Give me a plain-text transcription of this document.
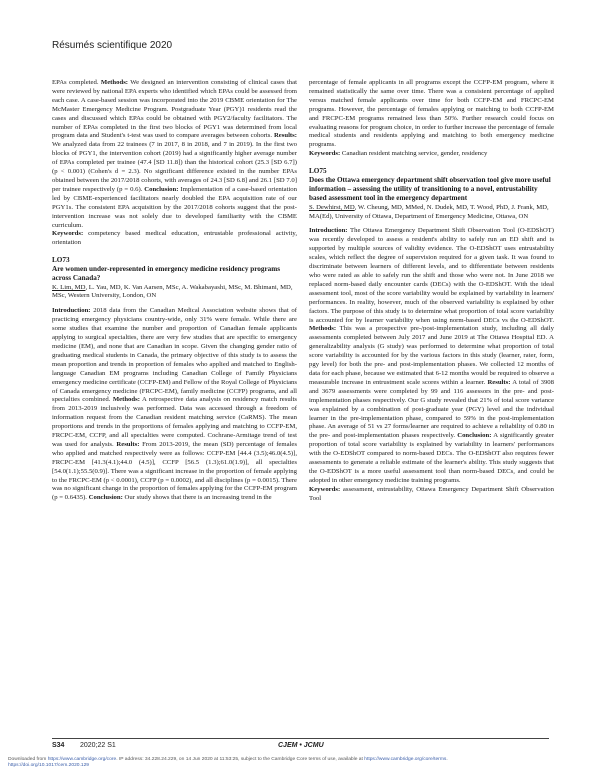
Résumés scientifique 2020

EPAs completed. Methods: We designed an intervention consisting of clinical cases that were reviewed by national EPA experts who identified which EPAs could be assessed from each case. A case-based session was incorporated into the 2019 CBME orientation for The McMaster Emergency Medicine Program. Postgraduate Year (PGY)1 residents read the cases and discussed which EPAs could be obtained with PGY2/faculty facilitators. The number of EPAs completed in the first two blocks of PGY1 was determined from local program data and Student's t-test was used to compare averages between cohorts. Results: We analyzed data from 22 trainees (7 in 2017, 8 in 2018, and 7 in 2019). In the first two blocks of PGY1, the intervention cohort (2019) had a significantly higher average number of EPAs completed per trainee (47.4 [SD 11.8]) than the historical cohort (25.3 [SD 6.7]) (p < 0.001) (Cohen's d = 2.3). No significant difference existed in the number EPAs obtained between the 2017/2018 cohorts, with averages of 24.3 [SD 6.8] and 26.1 [SD 7.0] per trainee respectively (p = 0.6). Conclusion: Implementation of a case-based orientation led by CBME-experienced facilitators nearly doubled the EPA acquisition rate of our PGY1s. The consistent EPA acquisition by the 2017/2018 cohorts suggest that the post-intervention increase was not solely due to developed familiarity with the CBME curriculum.

Keywords: competency based medical education, entrustable professional activity, orientation

LO73

Are women under-represented in emergency medicine residency programs across Canada?

K. Lim, MD, L. Yau, MD, K. Van Aarsen, MSc, A. Wakabayashi, MSc, M. Bhimani, MD, MSc, Western University, London, ON

Introduction: 2018 data from the Canadian Medical Association website shows that of practicing emergency physicians country-wide, only 31% were female. While there are some studies that examine the number and proportion of Canadian female applicants applying to surgical specialties, there are very few studies that are specific to emergency medicine (EM), and none that are Canadian in scope. Given the changing gender ratio of graduating medical students in Canada, the primary objective of this study is to assess the mean proportion and trends in proportion of females who applied and matched to English-language Canadian EM programs including Canadian College of Family Physicians emergency medicine certificate (CCFP-EM) and Fellow of the Royal College of Physicians of Canada emergency medicine (FRCPC-EM), family medicine (CCFP) programs, and all specialties combined. Methods: A retrospective data analysis on residency match results from 2013-2019 inclusively was performed. Data was accessed through a freedom of information request from the Canadian resident matching service (CaRMS). The mean proportions and trends in the proportions of females applying and matching to CCFP-EM, FRCPC-EM, CCFP, and all specialties were computed. Cochrane-Armitage trend of test was used for analysis. Results: From 2013-2019, the mean (SD) percentage of females who applied and matched respectively were as follows: CCFP-EM [44.4 (3.5);46.0(4.5)], FRCPC-EM [41.3(4.1);44.0 (4.5)], CCFP [56.5 (1.3);61.0(1.9)], all specialties [54.0(1.1);55.5(0.9)]. There was a significant increase in the proportion of female applying to the FRCPC-EM (p < 0.0001), CCFP (p = 0.0002), and all disciplines (p = 0.0015). There was no significant change in the proportion of females applying for the CCFP-EM program (p = 0.6435). Conclusion: Our study shows that there is an increasing trend in the

percentage of female applicants in all programs except the CCFP-EM program, where it remained statistically the same over time. There was a consistent percentage of applied versus matched female applicants over time for both CCFP-EM and FRCPC-EM programs. However, the percentage of females applying or matching to both CCFP-EM and FRCPC-EM programs remained less than 50%. Further research could focus on evaluating reasons for program choice, in order to further increase the percentage of female medical students and residents applying and matching to both emergency medicine programs.

Keywords: Canadian resident matching service, gender, residency

LO75

Does the Ottawa emergency department shift observation tool give more useful information – assessing the utility of transitioning to a novel, entrustability based assessment tool in the emergency department

S. Dewhirst, MD, W. Cheung, MD, MMed, N. Dudek, MD, T. Wood, PhD, J. Frank, MD, MA(Ed), University of Ottawa, Department of Emergency Medicine, Ottawa, ON

Introduction: The Ottawa Emergency Department Shift Observation Tool (O-EDShOT) was recently developed to assess a resident's ability to safely run an ED shift and is supported by multiple sources of validity evidence. The O-EDShOT uses entrustability scales, which reflect the degree of supervision required for a given task. It was found to discriminate between learners of different levels, and to differentiate between residents who were rated as able to safely run the shift and those who were not. In June 2018 we replaced norm-based daily encounter cards (DECs) with the O-EDShOT. With the ideal assessment tool, most of the score variability would be explained by variability in learners' performances. In reality, however, much of the observed variability is explained by other factors. The purpose of this study is to determine what proportion of total score variability is accounted for by learner variability when using norm-based DECs vs the O-EDShOT. Methods: This was a prospective pre-/post-implementation study, including all daily assessments completed between July 2017 and June 2019 at The Ottawa Hospital ED. A generalizability analysis (G study) was performed to determine what proportion of total score variability is accounted for by the various factors in this study (learner, rater, form, pgy level) for both the pre- and post-implementation phases. We collected 12 months of data for each phase, because we estimated that 6-12 months would be required to observe a measurable increase in entrustment scale scores within a learner. Results: A total of 3908 and 3679 assessments were completed by 99 and 116 assessors in the pre- and post- implementation phases respectively. Our G study revealed that 21% of total score variance was explained by a combination of post-graduate year (PGY) level and the individual learner in the pre-implementation phase, compared to 59% in the post-implementation phase. An average of 51 vs 27 forms/learner are required to achieve a reliability of 0.80 in the pre- and post-implementation phases respectively. Conclusion: A significantly greater proportion of total score variability is explained by variability in learners' performances with the O-EDShOT compared to norm-based DECs. The O-EDShOT also requires fewer assessments to generate a reliable estimate of the learner's ability. This study suggests that the O-EDShOT is a more useful assessment tool than norm-based DECs, and could be adopted in other emergency medicine training programs.

Keywords: assessment, entrustability, Ottawa Emergency Department Shift Observation Tool

S34 2020;22 S1	CJEM • JCMU
Downloaded from https://www.cambridge.org/core. IP address: 34.228.24.229, on 14 Jun 2020 at 11:53:25, subject to the Cambridge Core terms of use, available at https://www.cambridge.org/core/terms.
https://doi.org/10.1017/cem.2020.129
